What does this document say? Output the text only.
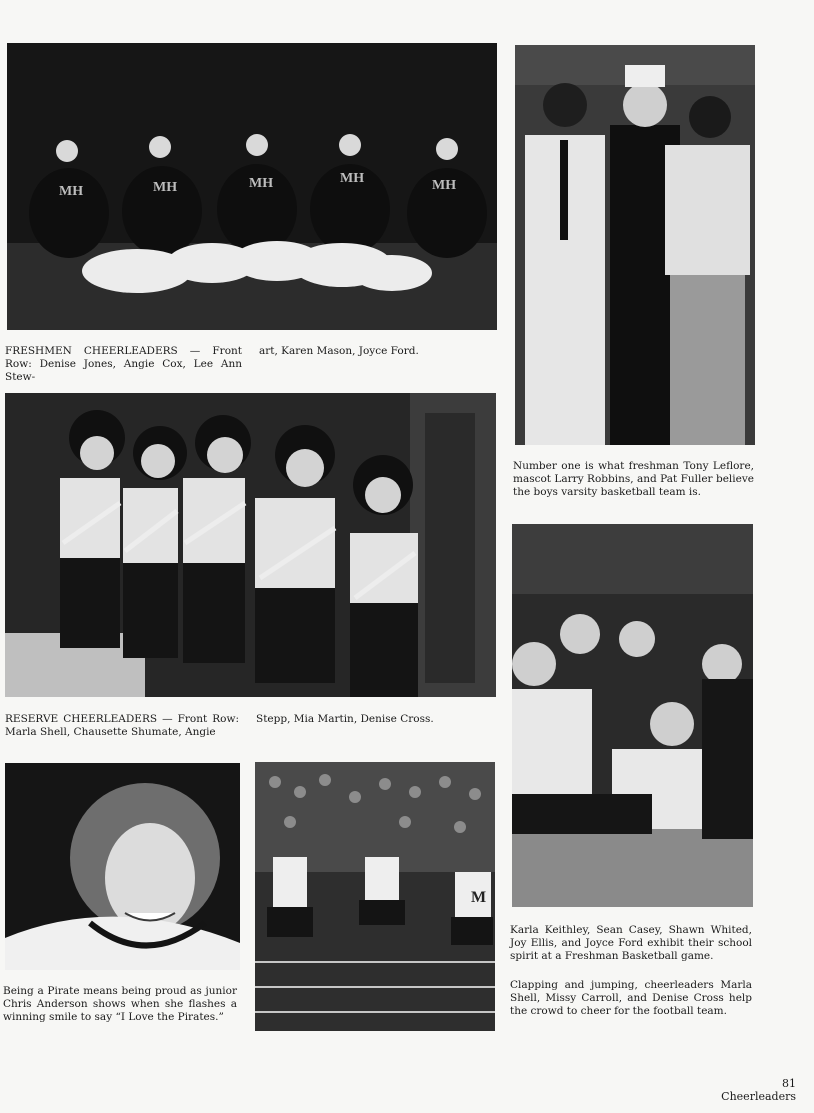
MH	MH	MH	MH	MH

FRESHMEN CHEERLEADERS — Front Row: Denise Jones, Angie Cox, Lee Ann Stew-

art, Karen Mason, Joyce Ford.

Number one is what freshman Tony Leflore, mascot Larry Robbins, and Pat Fuller believe the boys varsity basketball team is.

RESERVE CHEERLEADERS — Front Row: Marla Shell, Chausette Shumate, Angie

Stepp, Mia Martin, Denise Cross.

Karla Keithley, Sean Casey, Shawn Whited, Joy Ellis, and Joyce Ford exhibit their school spirit at a Freshman Basketball game.

Clapping and jumping, cheerleaders Marla Shell, Missy Carroll, and Denise Cross help the crowd to cheer for the football team.

Being a Pirate means being proud as junior Chris Anderson shows when she flashes a winning smile to say “I Love the Pirates.”

M
81
Cheerleaders
